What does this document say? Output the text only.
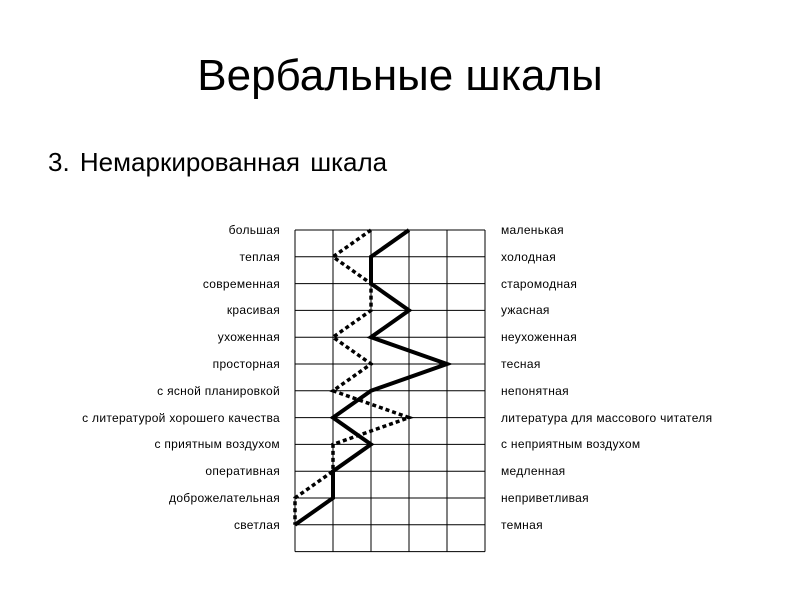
Вербальные шкалы
3. Немаркированная шкала
большая	маленькая
теплая	холодная
современная	старомодная
красивая	ужасная
ухоженная	неухоженная
просторная	тесная
с ясной планировкой	непонятная
с литературой хорошего качества	литература для массового читателя
с приятным воздухом	с неприятным воздухом
оперативная	медленная
доброжелательная	неприветливая
светлая	темная
